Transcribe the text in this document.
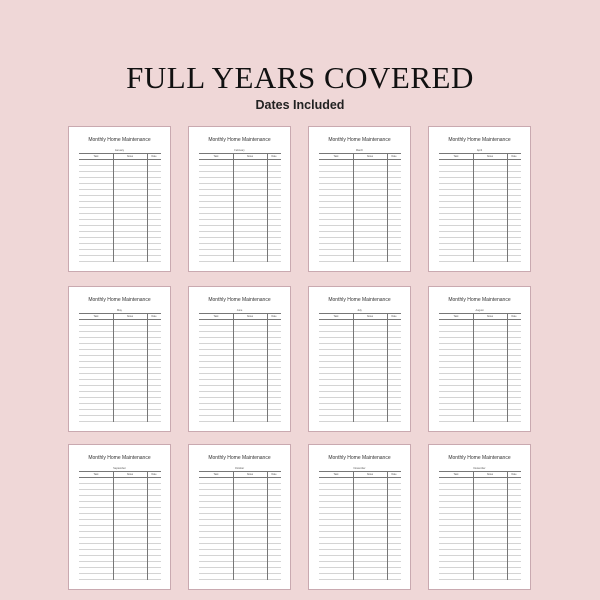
FULL YEARS COVERED
Dates Included
Monthly Home Maintenance
January
Task	Notes	Date
Monthly Home Maintenance
February
Task	Notes	Date
Monthly Home Maintenance
March
Task	Notes	Date
Monthly Home Maintenance
April
Task	Notes	Date
Monthly Home Maintenance
May
Task	Notes	Date
Monthly Home Maintenance
June
Task	Notes	Date
Monthly Home Maintenance
July
Task	Notes	Date
Monthly Home Maintenance
August
Task	Notes	Date
Monthly Home Maintenance
September
Task	Notes	Date
Monthly Home Maintenance
October
Task	Notes	Date
Monthly Home Maintenance
November
Task	Notes	Date
Monthly Home Maintenance
December
Task	Notes	Date
